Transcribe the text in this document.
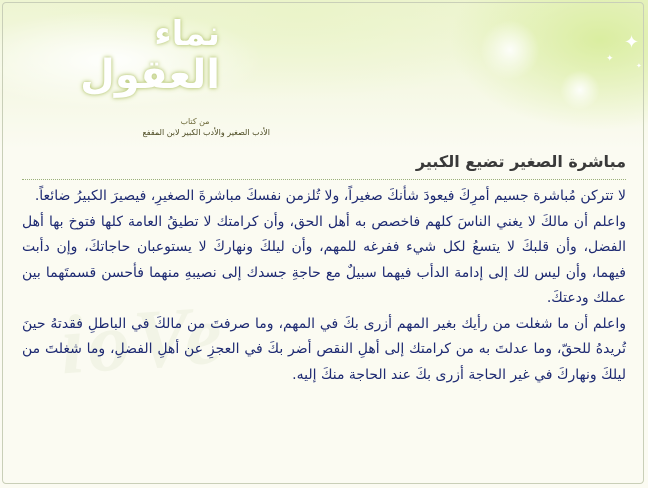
✦
✦
✦
نماء
العقول
من كتاب
الأدب الصغير والأدب الكبير لابن المقفع
ioVe
مباشرة الصغير تضيع الكبير

لا تتركن مُباشرة جسيم أمرِكَ فيعودَ شأنكَ صغيراً، ولا تُلزمن نفسكَ مباشرةَ الصغيرِ، فيصيرَ الكبيرُ ضائعاً.

واعلم أن مالكَ لا يغني الناسَ كلهم فاخصص به أهل الحق، وأن كرامتك لا تطيقُ العامة كلها فتوخ بها أهل الفضل، وأن قلبكَ لا يتسعُ لكل شيء ففرغه للمهم، وأن ليلكَ ونهاركَ لا يستوعبان حاجاتكَ، وإن دأبت فيهما، وأن ليس لك إلى إدامة الدأب فيهما سبيلٌ مع حاجةِ جسدك إلى نصيبهِ منهما فأحسن قسمتَهما بين عملك ودعتكَ.

واعلم أن ما شغلت من رأيك بغير المهم أزرى بكَ في المهم، وما صرفتَ من مالكَ في الباطلِ فقدتهُ حينَ تُريدهُ للحقّ، وما عدلتَ به من كرامتك إلى أهلِ النقص أضر بكَ في العجزِ عن أهلِ الفضلِ، وما شغلتَ من ليلكَ ونهاركَ في غير الحاجة أزرى بكَ عند الحاجة منكَ إليه.
